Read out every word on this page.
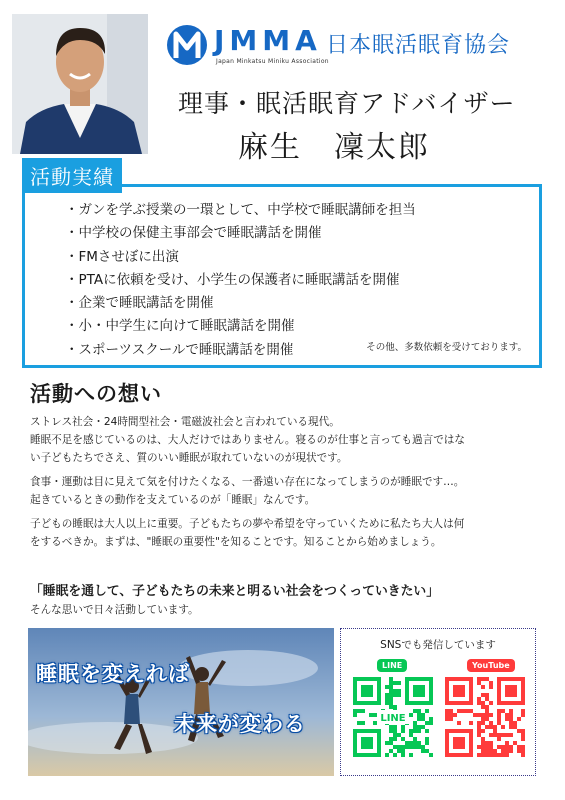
JMMA
Japan Minkatsu Miniku Association
日本眠活眠育協会
理事・眠活眠育アドバイザー
麻生　凜太郎
活動実績
・ガンを学ぶ授業の一環として、中学校で睡眠講師を担当
・中学校の保健主事部会で睡眠講話を開催
・FMさせぼに出演
・PTAに依頼を受け、小学生の保護者に睡眠講話を開催
・企業で睡眠講話を開催
・小・中学生に向けて睡眠講話を開催
・スポーツスクールで睡眠講話を開催	その他、多数依頼を受けております。
活動への想い

ストレス社会・24時間型社会・電磁波社会と言われている現代。

睡眠不足を感じているのは、大人だけではありません。寝るのが仕事と言っても過言ではな

い子どもたちでさえ、質のいい睡眠が取れていないのが現状です。

食事・運動は目に見えて気を付けたくなる、一番遠い存在になってしまうのが睡眠です…。

起きているときの動作を支えているのが「睡眠」なんです。

子どもの睡眠は大人以上に重要。子どもたちの夢や希望を守っていくために私たち大人は何

をするべきか。まずは、"睡眠の重要性"を知ることです。知ることから始めましょう。

「睡眠を通して、子どもたちの未来と明るい社会をつくっていきたい」
そんな思いで日々活動しています。
睡眠を変えれば
未来が変わる
SNSでも発信しています
LINE	YouTube
LINE
